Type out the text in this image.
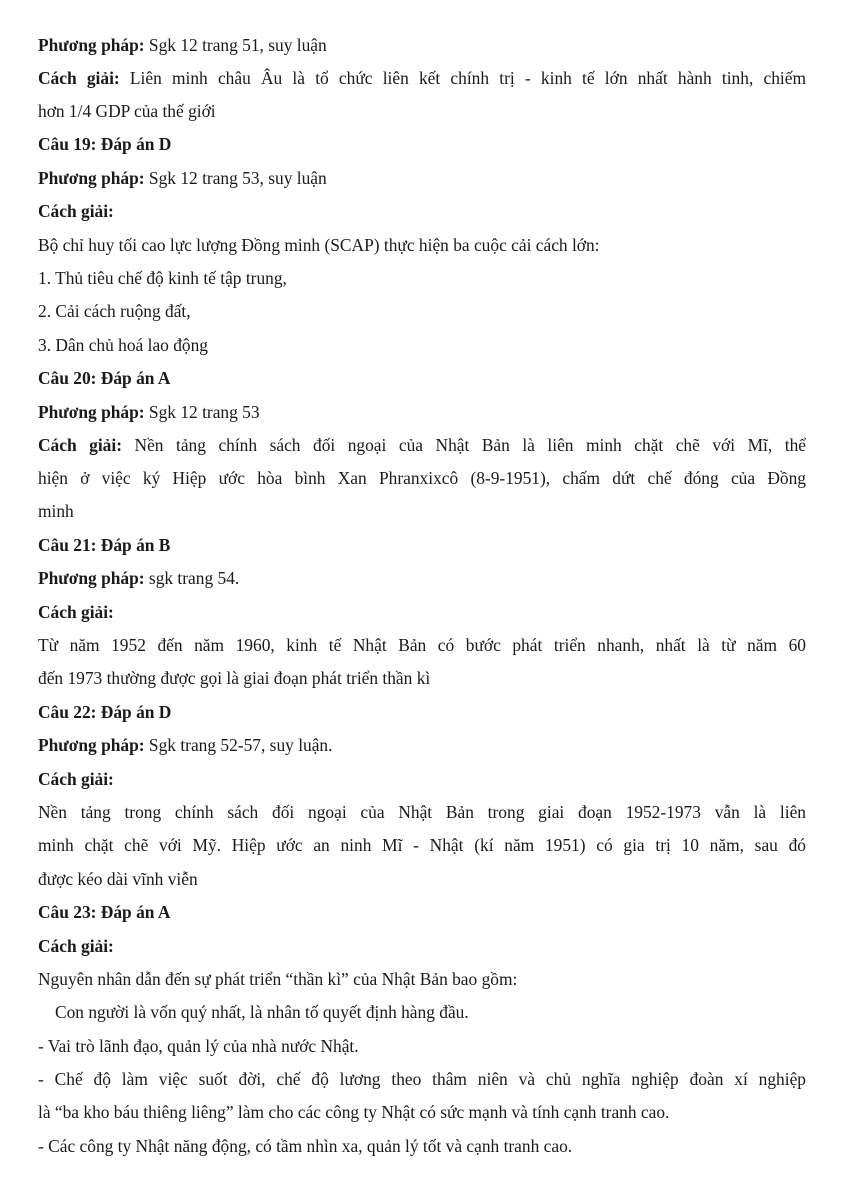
Phương pháp: Sgk 12 trang 51, suy luận

Cách giải: Liên minh châu Âu là tổ chức liên kết chính trị - kinh tế lớn nhất hành tinh, chiếm

hơn 1/4 GDP của thế giới

Câu 19: Đáp án D

Phương pháp: Sgk 12 trang 53, suy luận

Cách giải:

Bộ chỉ huy tối cao lực lượng Đồng minh (SCAP) thực hiện ba cuộc cải cách lớn:

1. Thủ tiêu chế độ kinh tế tập trung,

2. Cải cách ruộng đất,

3. Dân chủ hoá lao động

Câu 20: Đáp án A

Phương pháp: Sgk 12 trang 53

Cách giải: Nền tảng chính sách đối ngoại của Nhật Bản là liên minh chặt chẽ với Mĩ, thể

hiện ở việc ký Hiệp ước hòa bình Xan Phranxixcô (8-9-1951), chấm dứt chế đóng của Đồng

minh

Câu 21: Đáp án B

Phương pháp: sgk trang 54.

Cách giải:

Từ năm 1952 đến năm 1960, kinh tế Nhật Bản có bước phát triển nhanh, nhất là từ năm 60

đến 1973 thường được gọi là giai đoạn phát triển thần kì

Câu 22: Đáp án D

Phương pháp: Sgk trang 52-57, suy luận.

Cách giải:

Nền tảng trong chính sách đối ngoại của Nhật Bản trong giai đoạn 1952-1973 vẫn là liên

minh chặt chẽ với Mỹ. Hiệp ước an ninh Mĩ - Nhật (kí năm 1951) có gia trị 10 năm, sau đó

được kéo dài vĩnh viễn

Câu 23: Đáp án A

Cách giải:

Nguyên nhân dẫn đến sự phát triển “thần kì” của Nhật Bản bao gồm:

Con người là vốn quý nhất, là nhân tố quyết định hàng đầu.

- Vai trò lãnh đạo, quản lý của nhà nước Nhật.

- Chế độ làm việc suốt đời, chế độ lương theo thâm niên và chủ nghĩa nghiệp đoàn xí nghiệp

là “ba kho báu thiêng liêng” làm cho các công ty Nhật có sức mạnh và tính cạnh tranh cao.

- Các công ty Nhật năng động, có tầm nhìn xa, quản lý tốt và cạnh tranh cao.
